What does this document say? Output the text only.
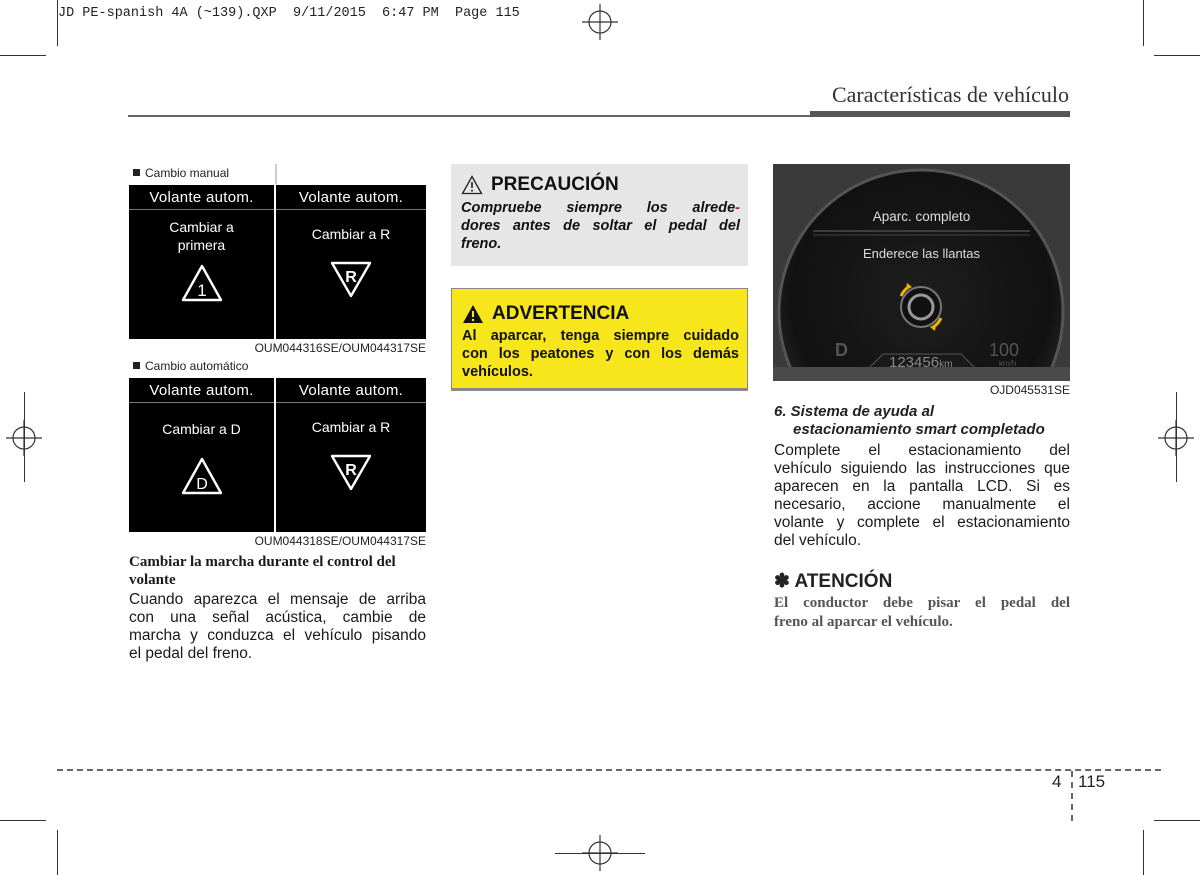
JD PE-spanish 4A (~139).QXP  9/11/2015  6:47 PM  Page 115
Características de vehículo
Cambio manual
Volante autom.
Cambiar a
primera
1
Volante autom.
Cambiar a R
R
OUM044316SE/OUM044317SE
Cambio automático
Volante autom.
Cambiar a D
D
Volante autom.
Cambiar a R
R
OUM044318SE/OUM044317SE
Cambiar la marcha durante el control del
volante
Cuando aparezca el mensaje de arriba
con una señal acústica, cambie de
marcha y conduzca el vehículo pisando
el pedal del freno.
PRECAUCIÓN
Compruebe siempre los alrede-
dores antes de soltar el pedal del
freno.
ADVERTENCIA
Al aparcar, tenga siempre cuidado
con los peatones y con los demás
vehículos.
Aparc. completo
Enderece las llantas
D
123456km
100
km/h
OJD045531SE
6. Sistema de ayuda al
estacionamiento smart completado
Complete el estacionamiento del
vehículo siguiendo las instrucciones que
aparecen en la pantalla LCD. Si es
necesario, accione manualmente el
volante y complete el estacionamiento
del vehículo.
✽ ATENCIÓN
El conductor debe pisar el pedal del
freno al aparcar el vehículo.
4 115
